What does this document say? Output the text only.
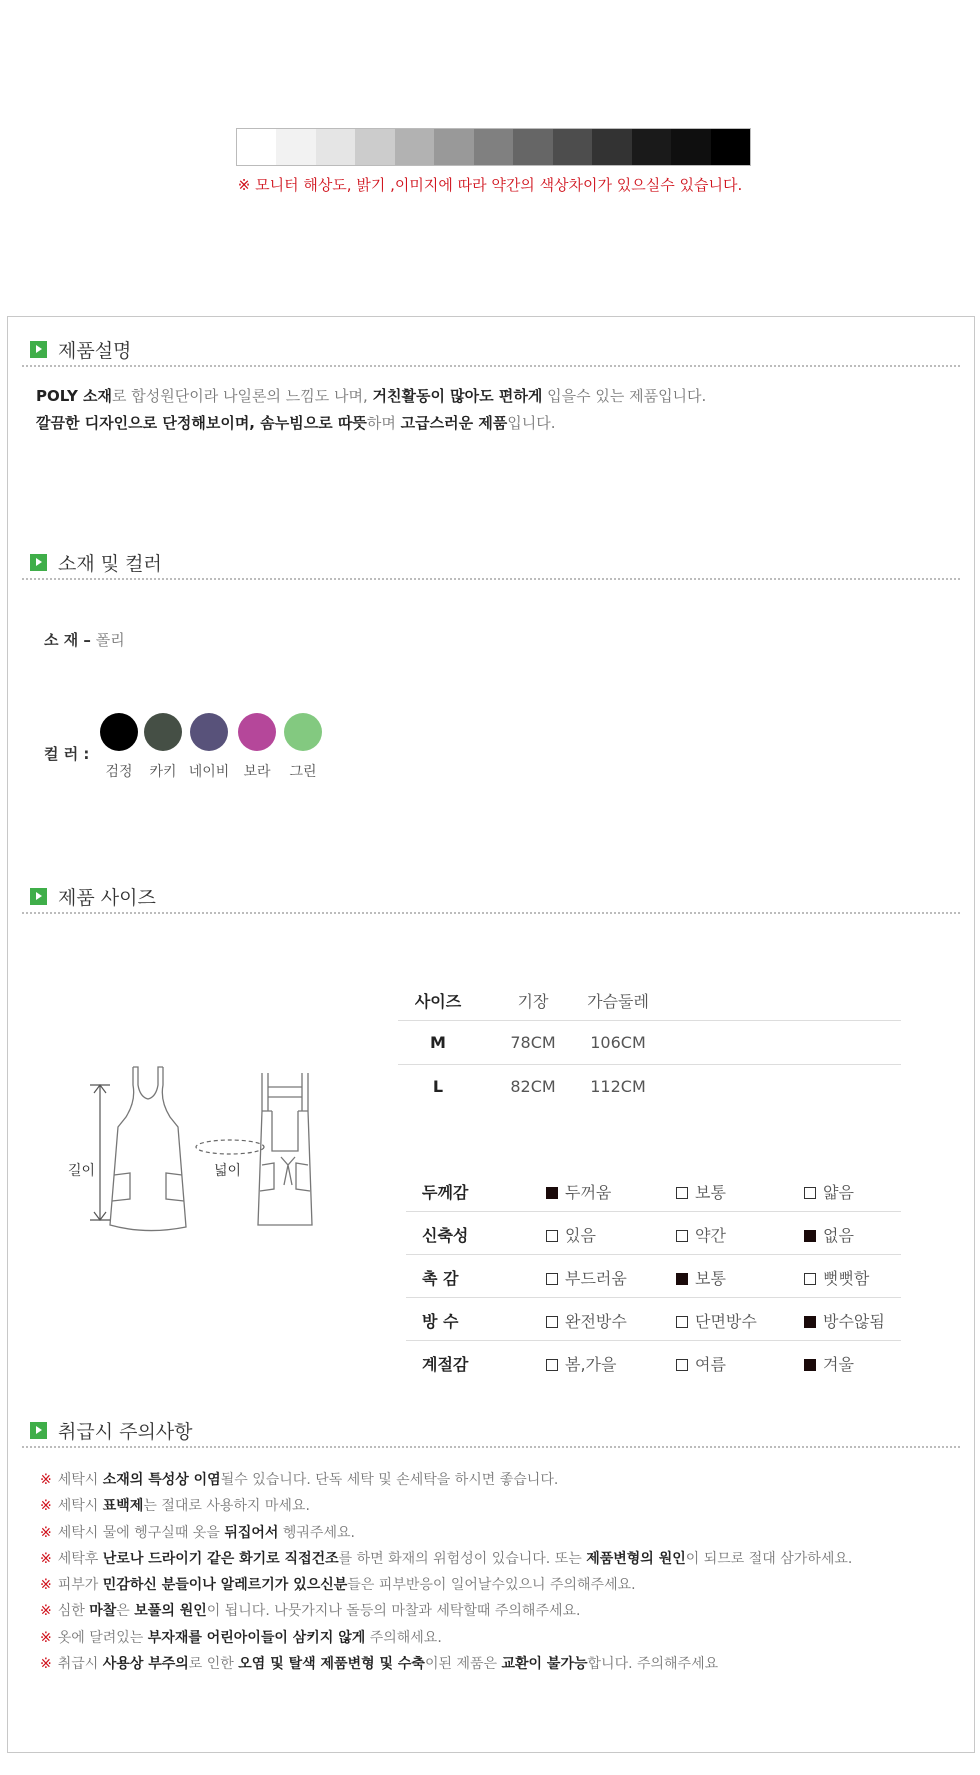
※ 모니터 해상도, 밝기 ,이미지에 따라 약간의 색상차이가 있으실수 있습니다.
제품설명
POLY 소재로 합성원단이라 나일론의 느낌도 나며, 거친활동이 많아도 편하게 입을수 있는 제품입니다.
깔끔한 디자인으로 단정해보이며, 솜누빔으로 따뜻하며 고급스러운 제품입니다.
소재 및 컬러
소 재 – 폴리
컬 러 :
검정	카키 네이비	보라	그린
제품 사이즈
길이	넓이
사이즈	기장	가슴둘레
M	78CM	106CM
L	82CM	112CM
두께감	두꺼움	보통	얇음
신축성	있음	약간	없음
촉 감	부드러움	보통	뻣뻣함
방 수	완전방수	단면방수	방수않됨
계절감	봄,가을	여름	겨울
취급시 주의사항
※ 세탁시 소재의 특성상 이염될수 있습니다. 단독 세탁 및 손세탁을 하시면 좋습니다.
※ 세탁시 표백제는 절대로 사용하지 마세요.
※ 세탁시 물에 헹구실때 옷을 뒤집어서 헹궈주세요.
※ 세탁후 난로나 드라이기 같은 화기로 직접건조를 하면 화재의 위험성이 있습니다. 또는 제품변형의 원인이 되므로 절대 삼가하세요.
※ 피부가 민감하신 분들이나 알레르기가 있으신분들은 피부반응이 일어날수있으니 주의해주세요.
※ 심한 마찰은 보풀의 원인이 됩니다. 나뭇가지나 돌등의 마찰과 세탁할때 주의해주세요.
※ 옷에 달려있는 부자재를 어린아이들이 삼키지 않게 주의해세요.
※ 취급시 사용상 부주의로 인한 오염 및 탈색 제품변형 및 수축이된 제품은 교환이 불가능합니다. 주의해주세요
